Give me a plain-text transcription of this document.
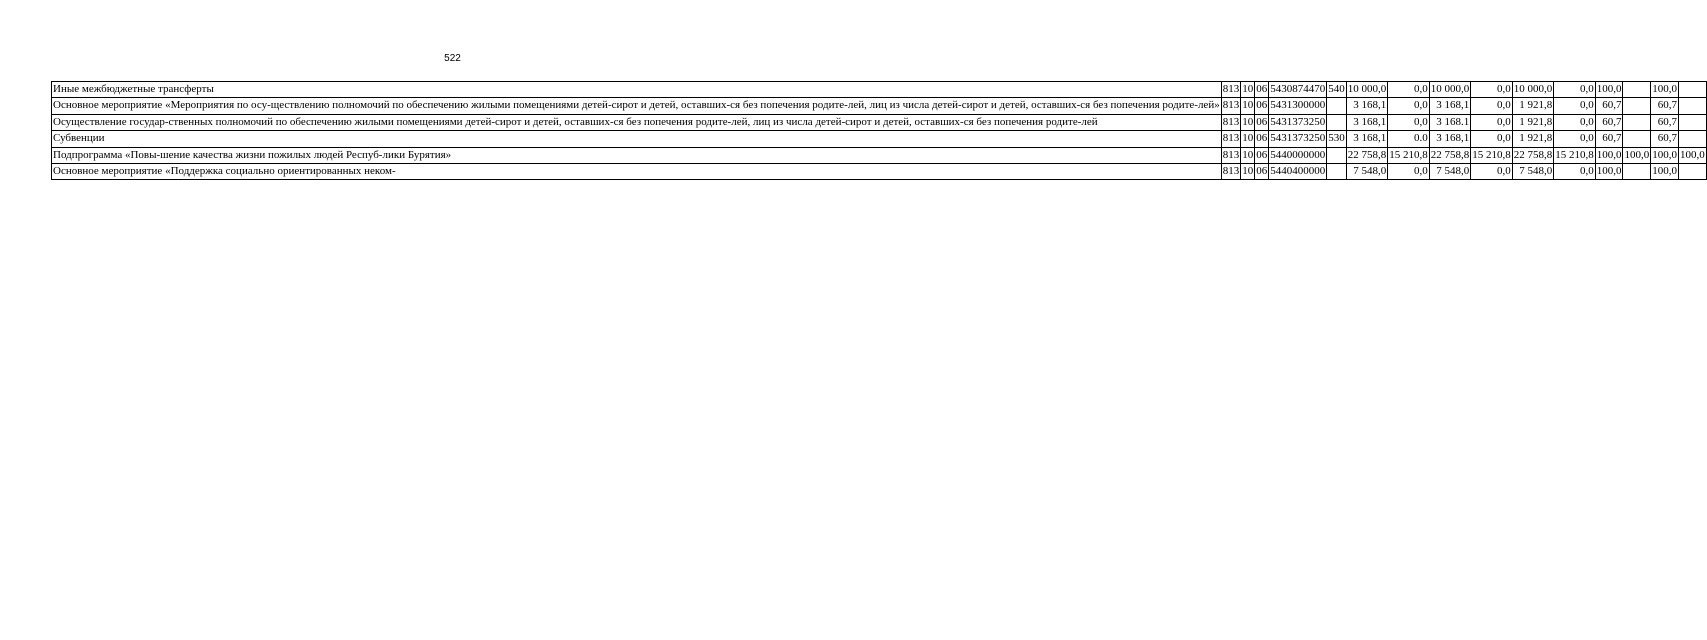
522
Иные межбюджетные трансферты	813	10	06	5430874470	540	10 000,0	0,0	10 000,0	0,0	10 000,0	0,0	100,0		100,0	
Основное мероприятие «Мероприятия по осу-ществлению полномочий по обеспечению жилыми помещениями детей-сирот и детей, оставших-ся без попечения родите-лей, лиц из числа детей-сирот и детей, оставших-ся без попечения родите-лей»	813	10	06	5431300000		3 168,1	0,0	3 168,1	0,0	1 921,8	0,0	60,7		60,7	
Осуществление государ-ственных полномочий по обеспечению жилыми помещениями детей-сирот и детей, оставших-ся без попечения родите-лей, лиц из числа детей-сирот и детей, оставших-ся без попечения родите-лей	813	10	06	5431373250		3 168,1	0,0	3 168.1	0,0	1 921,8	0,0	60,7		60,7	
Субвенции	813	10	06	5431373250	530	3 168,1	0.0	3 168,1	0,0	1 921,8	0,0	60,7		60,7	
Подпрограмма «Повы-шение качества жизни пожилых людей Респуб-лики Бурятия»	813	10	06	5440000000		22 758,8	15 210,8	22 758,8	15 210,8	22 758,8	15 210,8	100,0	100,0	100,0	100,0
Основное мероприятие «Поддержка социально ориентированных неком-	813	10	06	5440400000		7 548,0	0,0	7 548,0	0,0	7 548,0	0,0	100,0		100,0	
